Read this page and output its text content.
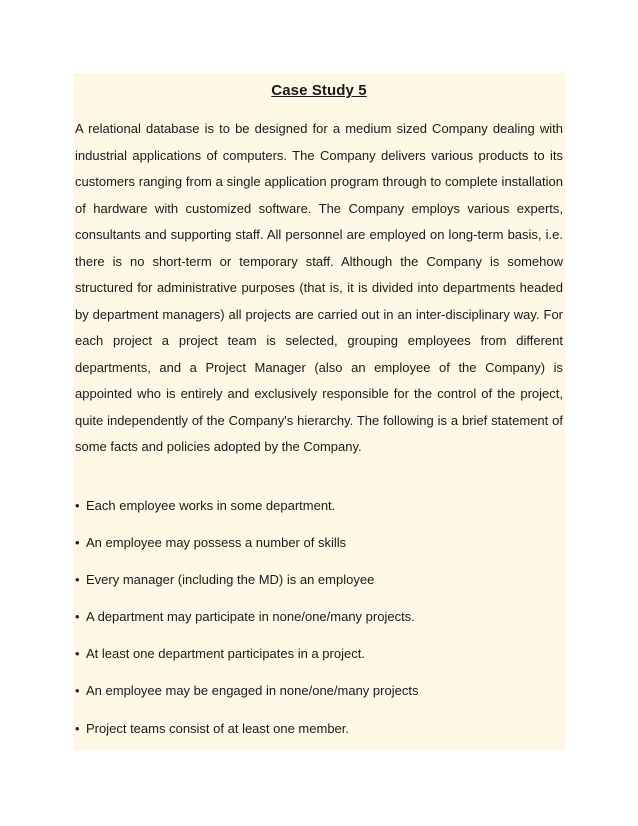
Case Study 5

A relational database is to be designed for a medium sized Company dealing with industrial applications of computers. The Company delivers various products to its customers ranging from a single application program through to complete installation of hardware with customized software. The Company employs various experts, consultants and supporting staff. All personnel are employed on long-term basis, i.e. there is no short-term or temporary staff. Although the Company is somehow structured for administrative purposes (that is, it is divided into departments headed by department managers) all projects are carried out in an inter-disciplinary way. For each project a project team is selected, grouping employees from different departments, and a Project Manager (also an employee of the Company) is appointed who is entirely and exclusively responsible for the control of the project, quite independently of the Company's hierarchy. The following is a brief statement of some facts and policies adopted by the Company.

• Each employee works in some department.
• An employee may possess a number of skills
• Every manager (including the MD) is an employee
• A department may participate in none/one/many projects.
• At least one department participates in a project.
• An employee may be engaged in none/one/many projects
• Project teams consist of at least one member.
